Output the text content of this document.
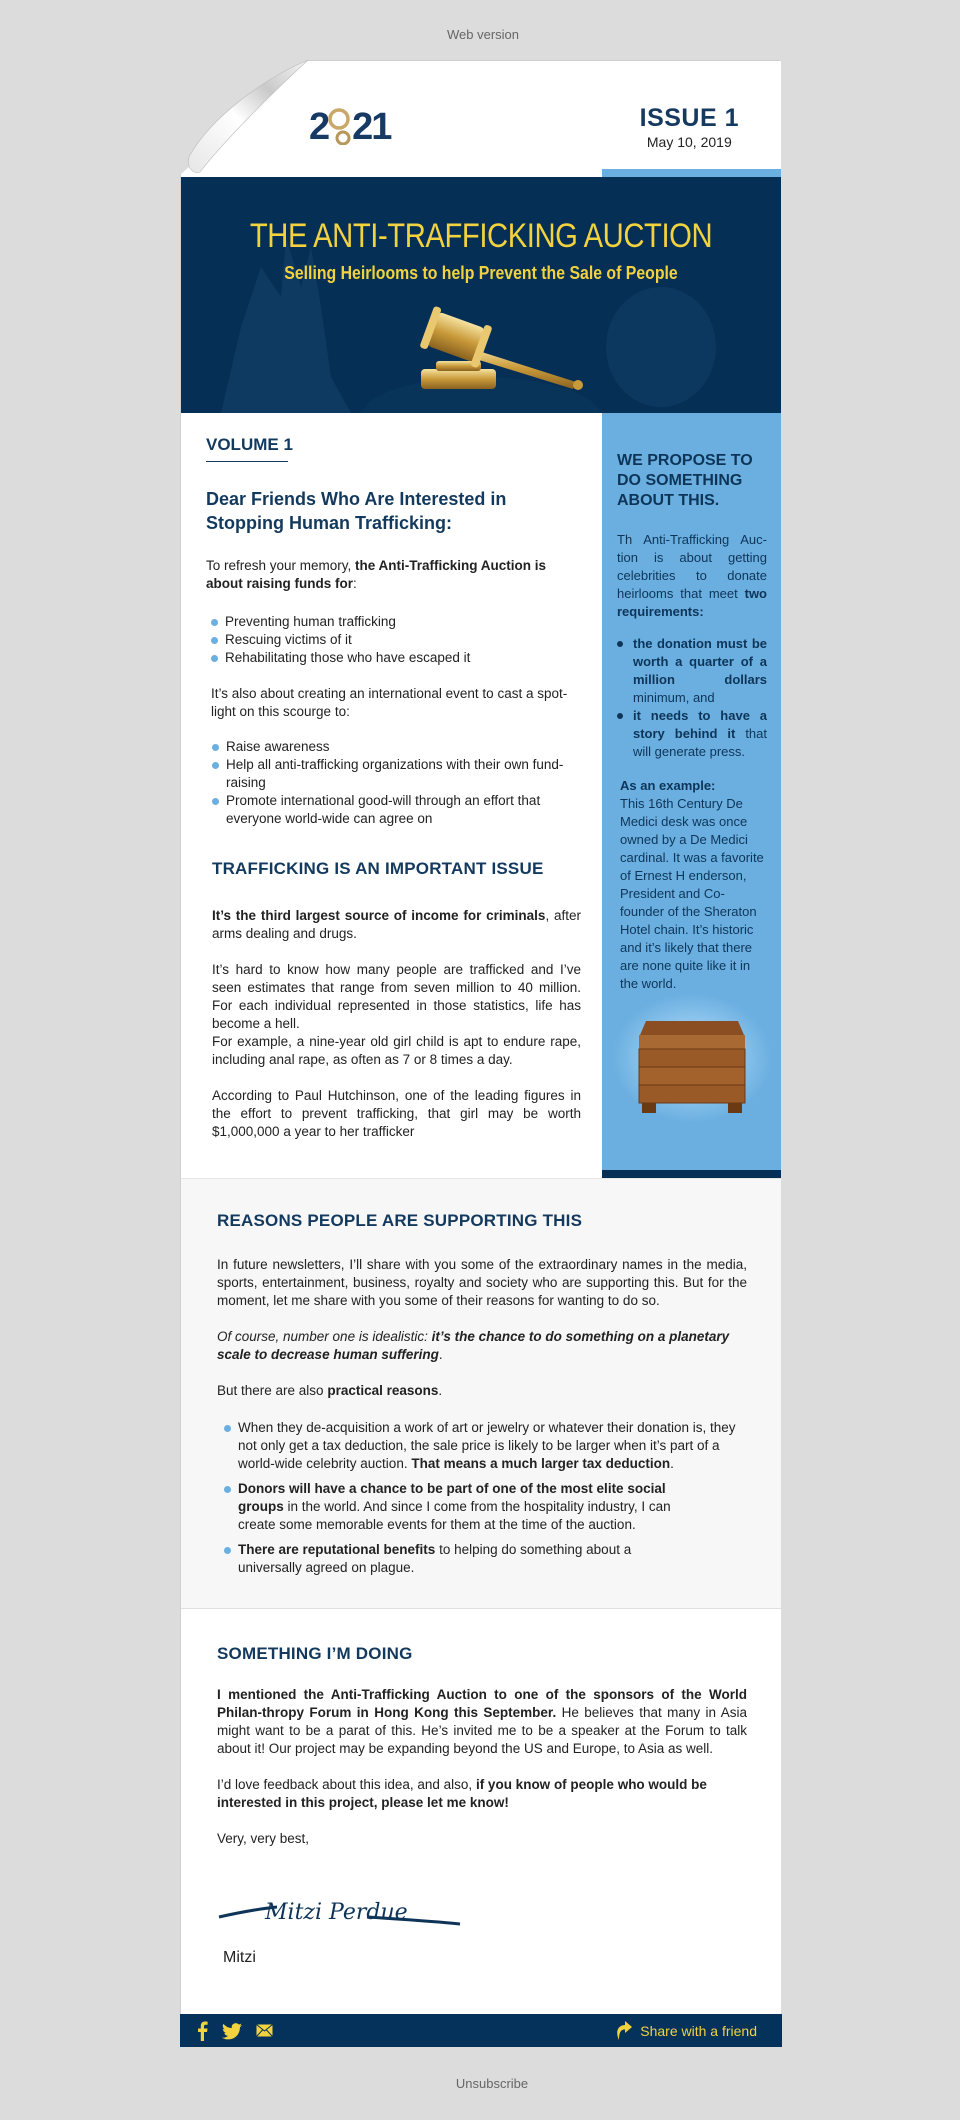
Web version
2 21	ISSUE 1
May 10, 2019
THE ANTI-TRAFFICKING AUCTION
Selling Heirlooms to help Prevent the Sale of People
VOLUME 1
Dear Friends Who Are Interested in Stopping Human Trafficking:

To refresh your memory, the Anti-Trafficking Auction is about raising funds for:

Preventing human trafficking
Rescuing victims of it
Rehabilitating those who have escaped it

It’s also about creating an international event to cast a spot-light on this scourge to:

Raise awareness
Help all anti-trafficking organizations with their own fund-raising
Promote international good-will through an effort that everyone world-wide can agree on
TRAFFICKING IS AN IMPORTANT ISSUE

It’s the third largest source of income for criminals, after arms dealing and drugs.

It’s hard to know how many people are trafficked and I’ve seen estimates that range from seven million to 40 million. For each individual represented in those statistics, life has become a hell.

For example, a nine-year old girl child is apt to endure rape, including anal rape, as often as 7 or 8 times a day.

According to Paul Hutchinson, one of the leading figures in the effort to prevent trafficking, that girl may be worth $1,000,000 a year to her trafficker

WE PROPOSE TO DO SOMETHING ABOUT THIS.

Th Anti-Trafficking Auc-tion is about getting celebrities to donate heirlooms that meet two requirements:

the donation must be worth a quarter of a million dollars minimum, and
it needs to have a story behind it that will generate press.

As an example:
This 16th Century De Medici desk was once owned by a De Medici cardinal. It was a favorite of Ernest H enderson, President and Co-founder of the Sheraton Hotel chain. It’s historic and it’s likely that there are none quite like it in the world.

REASONS PEOPLE ARE SUPPORTING THIS

In future newsletters, I’ll share with you some of the extraordinary names in the media, sports, entertainment, business, royalty and society who are supporting this. But for the moment, let me share with you some of their reasons for wanting to do so.

Of course, number one is idealistic: it’s the chance to do something on a planetary scale to decrease human suffering.

But there are also practical reasons.

When they de-acquisition a work of art or jewelry or whatever their donation is, they not only get a tax deduction, the sale price is likely to be larger when it’s part of a world-wide celebrity auction. That means a much larger tax deduction.
Donors will have a chance to be part of one of the most elite social groups in the world. And since I come from the hospitality industry, I can create some memorable events for them at the time of the auction.
There are reputational benefits to helping do something about a universally agreed on plague.
SOMETHING I’M DOING

I mentioned the Anti-Trafficking Auction to one of the sponsors of the World Philan-thropy Forum in Hong Kong this September. He believes that many in Asia might want to be a parat of this. He’s invited me to be a speaker at the Forum to talk about it! Our project may be expanding beyond the US and Europe, to Asia as well.

I’d love feedback about this idea, and also, if you know of people who would be interested in this project, please let me know!

Very, very best,

Mitzi Perdue

Mitzi

Share with a friend
Unsubscribe
